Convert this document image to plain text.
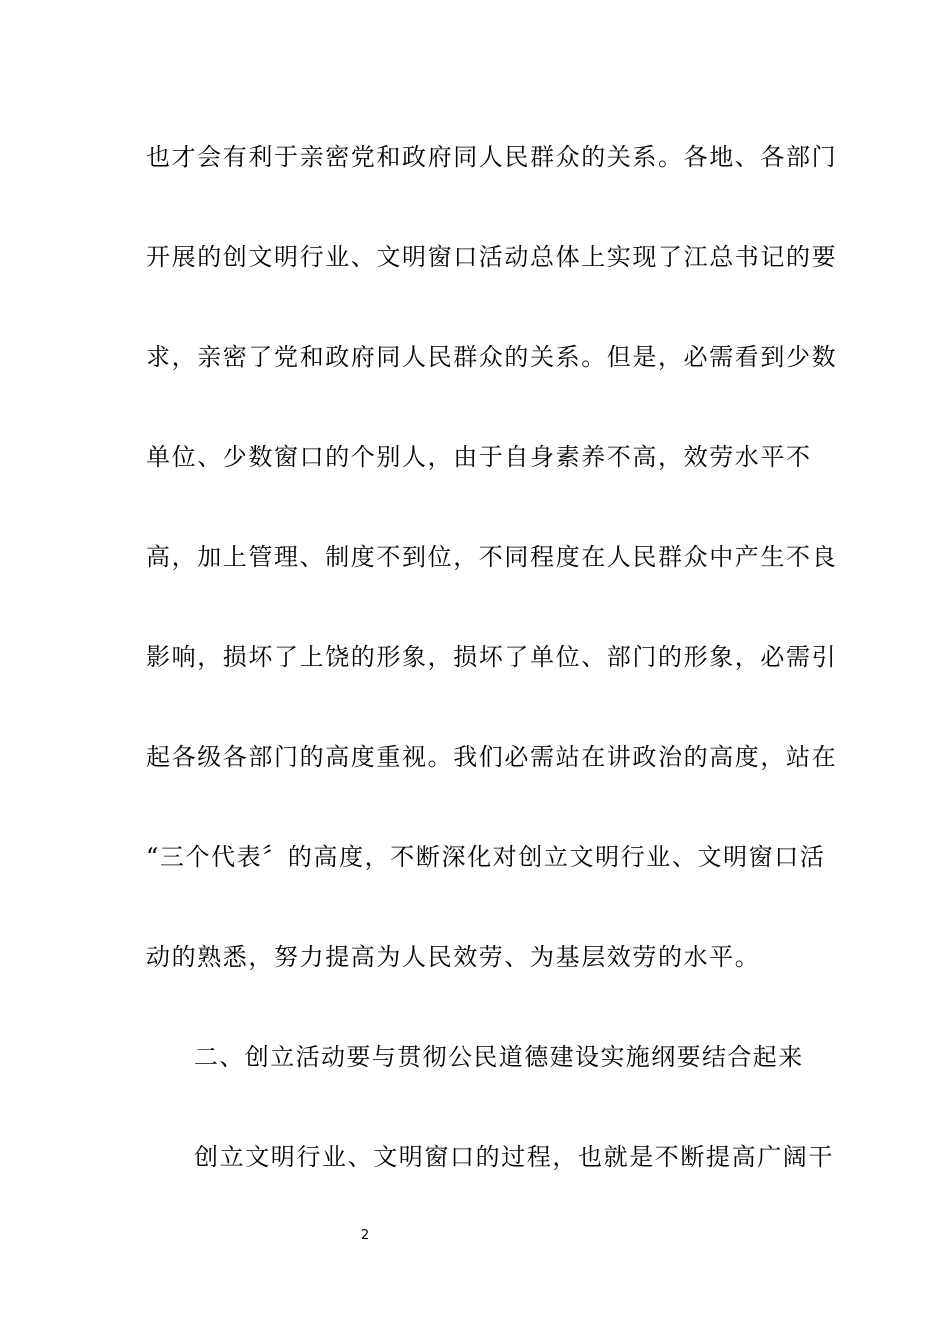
也才会有利于亲密党和政府同人民群众的关系。各地、各部门
开展的创文明行业、文明窗口活动总体上实现了江总书记的要
求，亲密了党和政府同人民群众的关系。但是，必需看到少数
单位、少数窗口的个别人，由于自身素养不高，效劳水平不
高，加上管理、制度不到位，不同程度在人民群众中产生不良
影响，损坏了上饶的形象，损坏了单位、部门的形象，必需引
起各级各部门的高度重视。我们必需站在讲政治的高度，站在
“三个代表〞的高度，不断深化对创立文明行业、文明窗口活
动的熟悉，努力提高为人民效劳、为基层效劳的水平。
二、创立活动要与贯彻公民道德建设实施纲要结合起来
创立文明行业、文明窗口的过程，也就是不断提高广阔干
2
